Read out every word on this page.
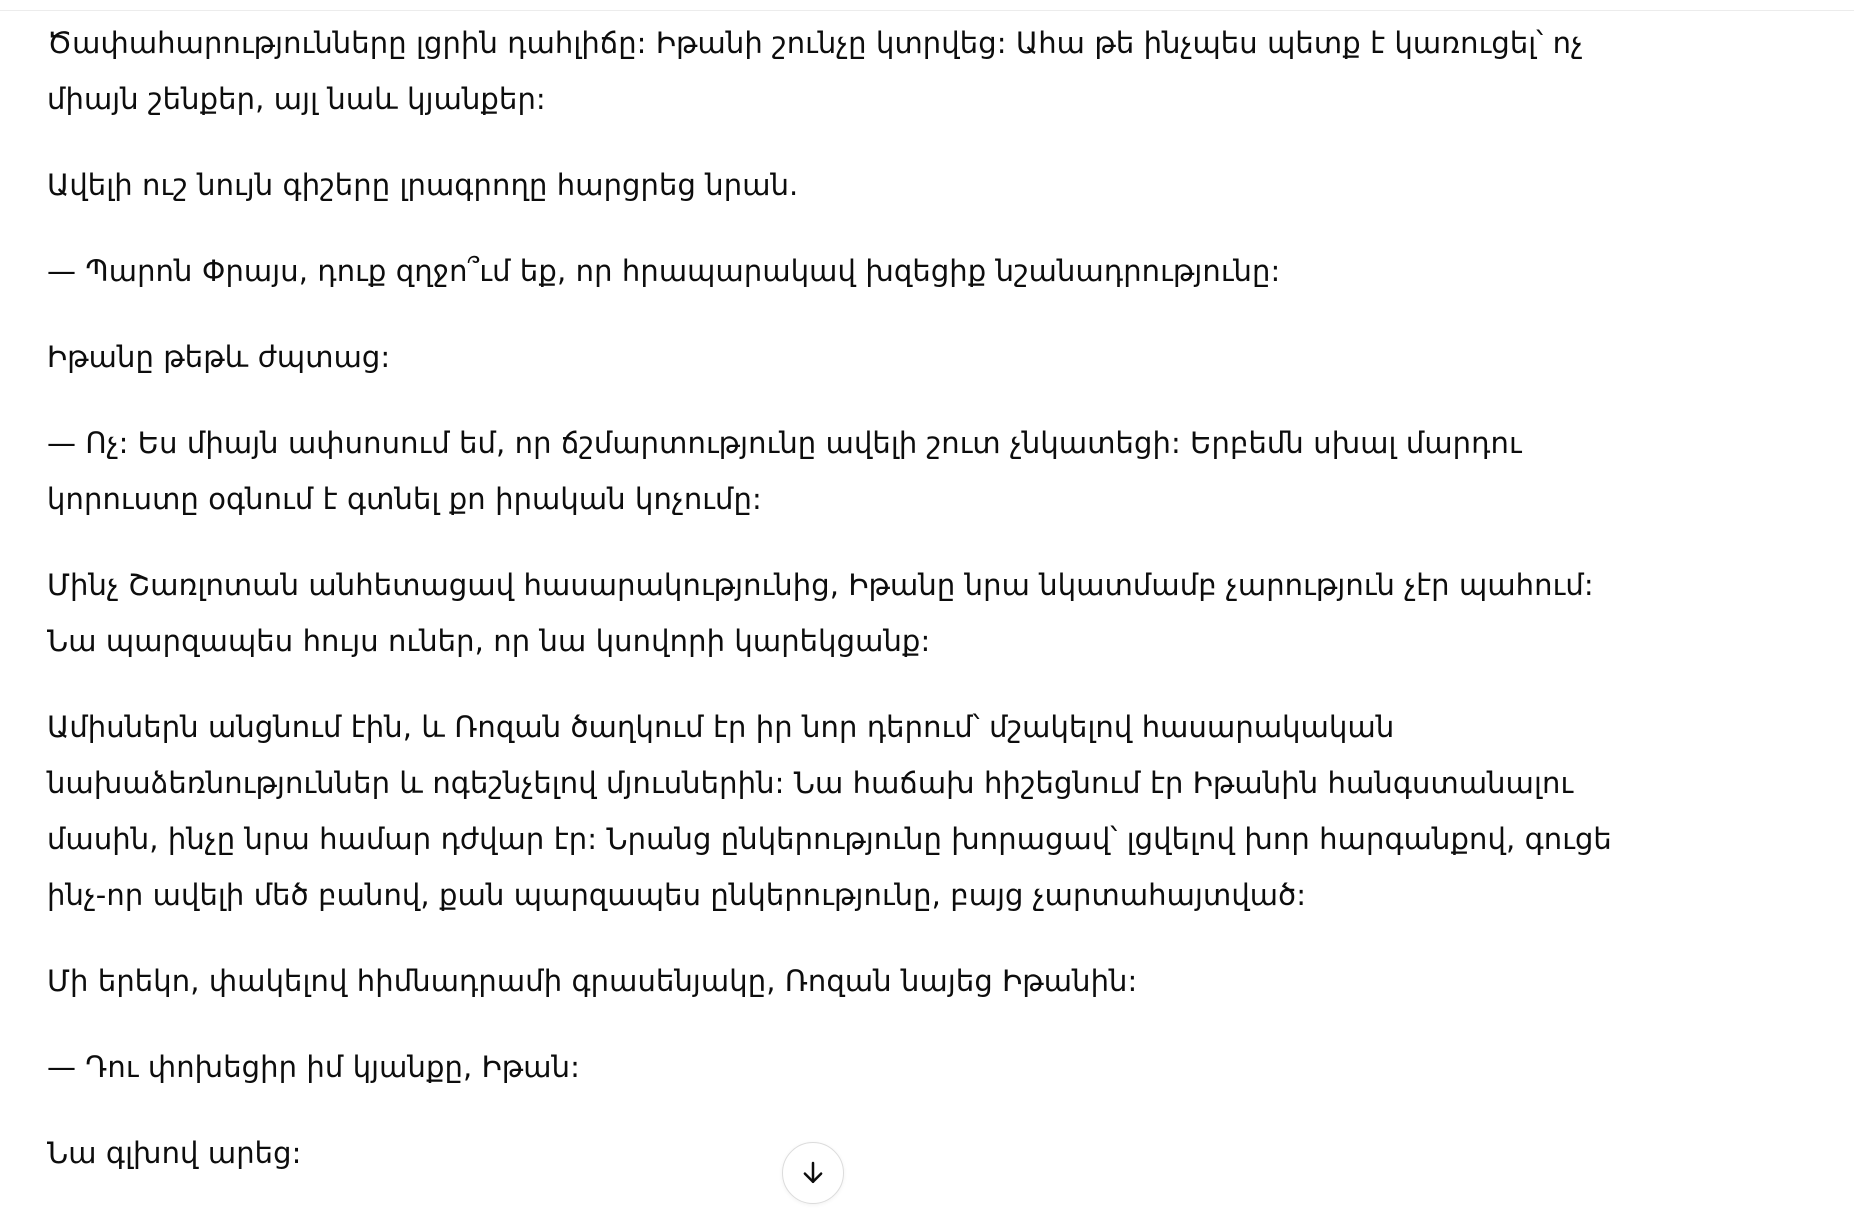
Ծափահարությունները լցրին դահլիճը: Իթանի շունչը կտրվեց: Ահա թե ինչպես պետք է կառուցել՝ ոչ միայն շենքեր, այլ նաև կյանքեր:

Ավելի ուշ նույն գիշերը լրագրողը հարցրեց նրան.

— Պարոն Փրայս, դուք զղջո՞ւմ եք, որ հրապարակավ խզեցիք նշանադրությունը:

Իթանը թեթև ժպտաց:

— Ոչ: Ես միայն ափսոսում եմ, որ ճշմարտությունը ավելի շուտ չնկատեցի: Երբեմն սխալ մարդու կորուստը օգնում է գտնել քո իրական կոչումը:

Մինչ Շառլոտան անհետացավ հասարակությունից, Իթանը նրա նկատմամբ չարություն չէր պահում: Նա պարզապես հույս ուներ, որ նա կսովորի կարեկցանք:

Ամիսներն անցնում էին, և Ռոզան ծաղկում էր իր նոր դերում՝ մշակելով հասարակական նախաձեռնություններ և ոգեշնչելով մյուսներին: Նա հաճախ հիշեցնում էր Իթանին հանգստանալու մասին, ինչը նրա համար դժվար էր: Նրանց ընկերությունը խորացավ՝ լցվելով խոր հարգանքով, գուցե ինչ-որ ավելի մեծ բանով, քան պարզապես ընկերությունը, բայց չարտահայտված:

Մի երեկո, փակելով հիմնադրամի գրասենյակը, Ռոզան նայեց Իթանին:

— Դու փոխեցիր իմ կյանքը, Իթան:

Նա գլխով արեց:
